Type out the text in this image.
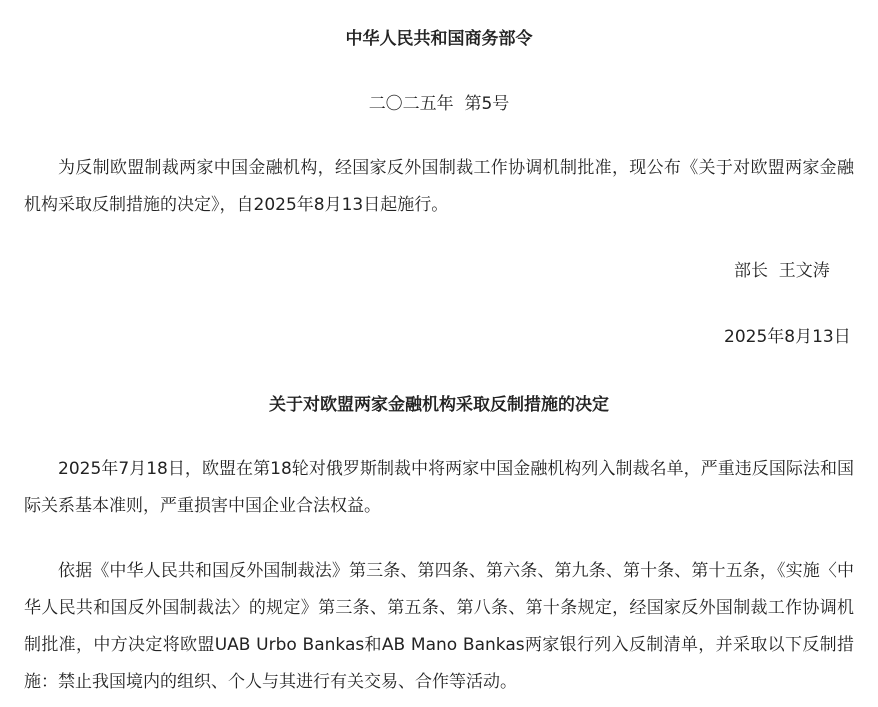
中华人民共和国商务部令
二〇二五年  第5号

为反制欧盟制裁两家中国金融机构，经国家反外国制裁工作协调机制批准，现公布《关于对欧盟两家金融机构采取反制措施的决定》，自2025年8月13日起施行。

部长  王文涛
2025年8月13日
关于对欧盟两家金融机构采取反制措施的决定

2025年7月18日，欧盟在第18轮对俄罗斯制裁中将两家中国金融机构列入制裁名单，严重违反国际法和国际关系基本准则，严重损害中国企业合法权益。

依据《中华人民共和国反外国制裁法》第三条、第四条、第六条、第九条、第十条、第十五条，《实施〈中华人民共和国反外国制裁法〉的规定》第三条、第五条、第八条、第十条规定，经国家反外国制裁工作协调机制批准，中方决定将欧盟UAB Urbo Bankas和AB Mano Bankas两家银行列入反制清单，并采取以下反制措施：禁止我国境内的组织、个人与其进行有关交易、合作等活动。
